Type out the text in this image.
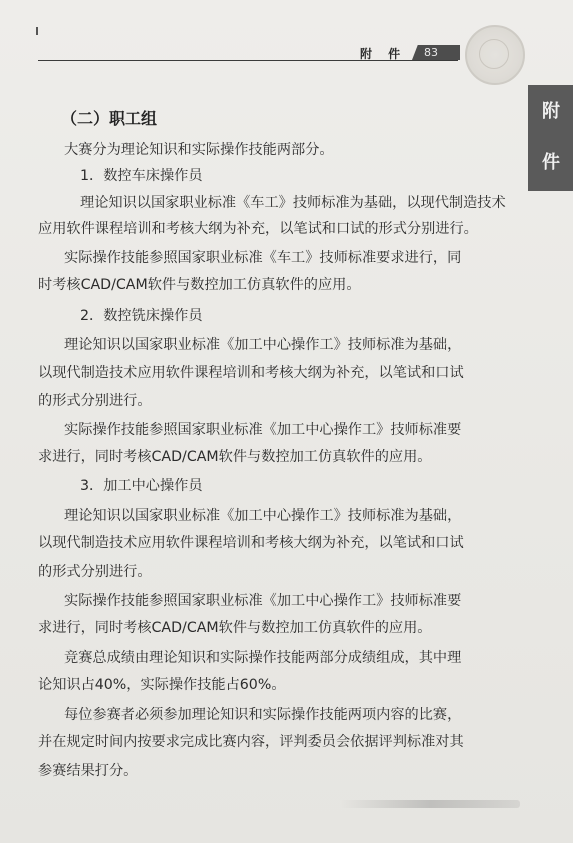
附 件 83
附
件
（二）职工组
大赛分为理论知识和实际操作技能两部分。
1．数控车床操作员
理论知识以国家职业标准《车工》技师标准为基础，以现代制造技术
应用软件课程培训和考核大纲为补充，以笔试和口试的形式分别进行。
实际操作技能参照国家职业标准《车工》技师标准要求进行，同
时考核CAD/CAM软件与数控加工仿真软件的应用。
2．数控铣床操作员
理论知识以国家职业标准《加工中心操作工》技师标准为基础，
以现代制造技术应用软件课程培训和考核大纲为补充，以笔试和口试
的形式分别进行。
实际操作技能参照国家职业标准《加工中心操作工》技师标准要
求进行，同时考核CAD/CAM软件与数控加工仿真软件的应用。
3．加工中心操作员
理论知识以国家职业标准《加工中心操作工》技师标准为基础，
以现代制造技术应用软件课程培训和考核大纲为补充，以笔试和口试
的形式分别进行。
实际操作技能参照国家职业标准《加工中心操作工》技师标准要
求进行，同时考核CAD/CAM软件与数控加工仿真软件的应用。
竞赛总成绩由理论知识和实际操作技能两部分成绩组成，其中理
论知识占40%，实际操作技能占60%。
每位参赛者必须参加理论知识和实际操作技能两项内容的比赛，
并在规定时间内按要求完成比赛内容，评判委员会依据评判标准对其
参赛结果打分。
